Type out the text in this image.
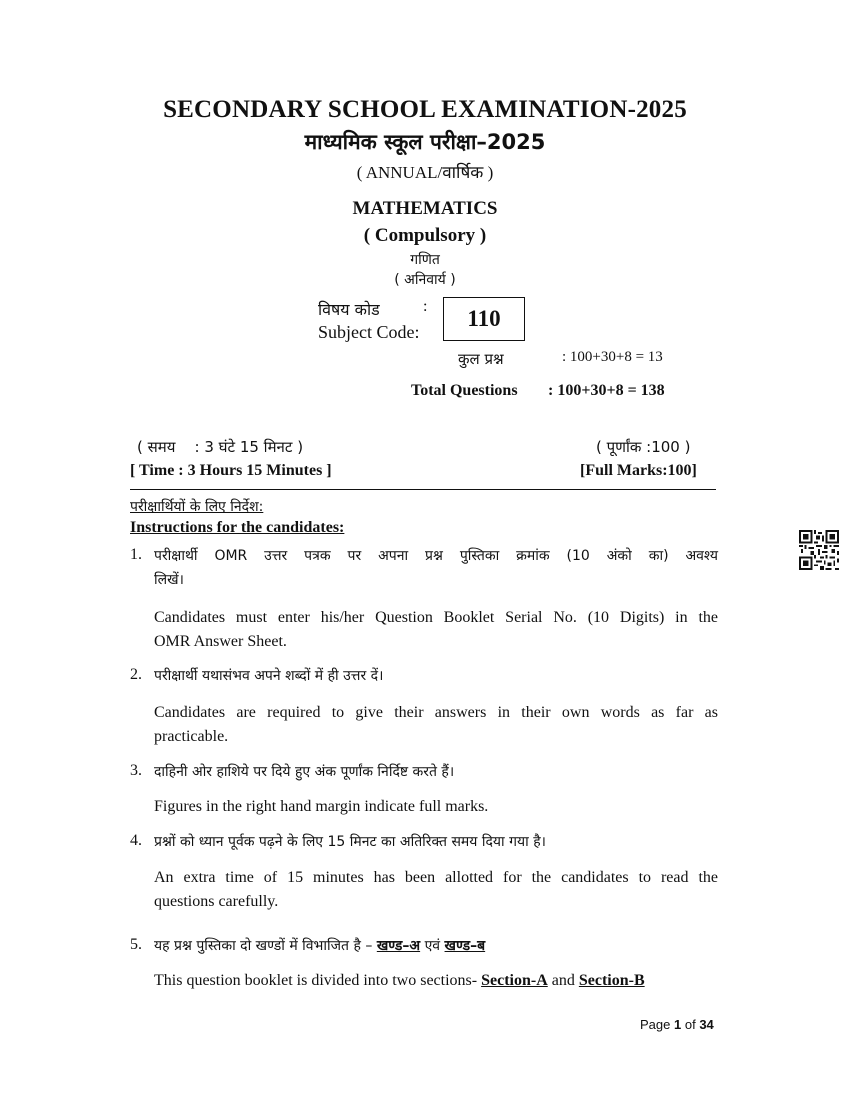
SECONDARY SCHOOL EXAMINATION-2025
माध्यमिक स्कूल परीक्षा–2025
( ANNUAL/वार्षिक )
MATHEMATICS
( Compulsory )
गणित
( अनिवार्य )
विषय कोड	:
Subject Code:
110
कुल प्रश्न	: 100+30+8 = 13
Total Questions : 100+30+8 = 138
( समय    : 3 घंटे 15 मिनट )	( पूर्णांक :100 )
[ Time : 3 Hours 15 Minutes ]	[Full Marks:100]
परीक्षार्थियों के लिए निर्देश:
Instructions for the candidates:
1. परीक्षार्थी OMR उत्तर पत्रक पर अपना प्रश्न पुस्तिका क्रमांक (10 अंको का) अवश्य
लिखें।
Candidates must enter his/her Question Booklet Serial No. (10 Digits) in the
OMR Answer Sheet.
2. परीक्षार्थी यथासंभव अपने शब्दों में ही उत्तर दें।
Candidates are required to give their answers in their own words as far as
practicable.
3. दाहिनी ओर हाशिये पर दिये हुए अंक पूर्णांक निर्दिष्ट करते हैं।
Figures in the right hand margin indicate full marks.
4. प्रश्नों को ध्यान पूर्वक पढ़ने के लिए 15 मिनट का अतिरिक्त समय दिया गया है।
An extra time of 15 minutes has been allotted for the candidates to read the
questions carefully.
5. यह प्रश्न पुस्तिका दो खण्डों में विभाजित है – खण्ड–अ एवं खण्ड–ब
This question booklet is divided into two sections- Section-A and Section-B
Page 1 of 34
